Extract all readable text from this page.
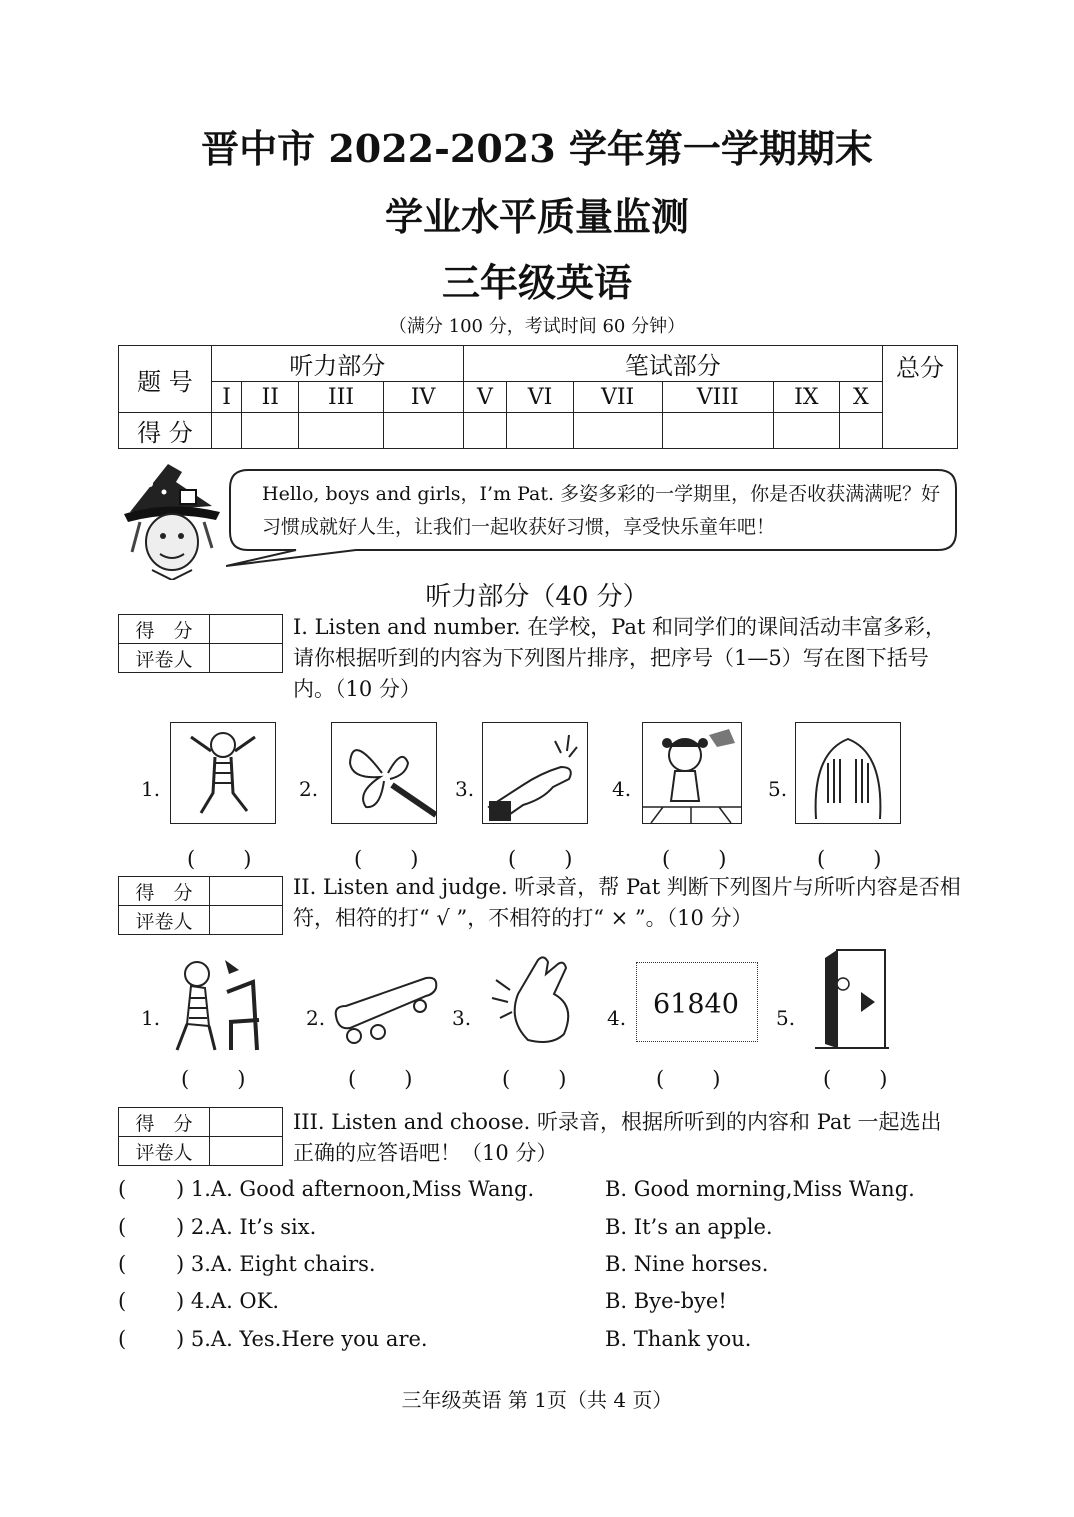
晋中市 2022-2023 学年第一学期期末
学业水平质量监测
三年级英语
（满分 100 分，考试时间 60 分钟）
题 号	听力部分				笔试部分						总分
	I	II	III	IV	V	VI	VII	VIII	IX	X	
得 分											
Hello, boys and girls，I’m Pat. 多姿多彩的一学期里，你是否收获满满呢？好习惯成就好人生，让我们一起收获好习惯，享受快乐童年吧！
听力部分（40 分）
得　分	
评卷人	
I. Listen and number. 在学校，Pat 和同学们的课间活动丰富多彩，请你根据听到的内容为下列图片排序，把序号（1—5）写在图下括号内。（10 分）
1.	2.	3.	4.	5.
(　　)	(　　)	(　　)	(　　)	(　　)
得　分	
评卷人	
II. Listen and judge. 听录音，帮 Pat 判断下列图片与所听内容是否相符，相符的打“ √ ”，不相符的打“ × ”。（10 分）
1.	2.	3.	4. 61840 5.
(　　)	(　　)	(　　)	(　　)	(　　)
得　分	
评卷人	
III. Listen and choose. 听录音，根据所听到的内容和 Pat 一起选出正确的应答语吧！（10 分）
( ) 1.A. Good afternoon,Miss Wang.	B. Good morning,Miss Wang.
( ) 2.A. It’s six.	B. It’s an apple.
( ) 3.A. Eight chairs.	B. Nine horses.
( ) 4.A. OK.	B. Bye-bye!
( ) 5.A. Yes.Here you are.	B. Thank you.
三年级英语 第 1页（共 4 页）
